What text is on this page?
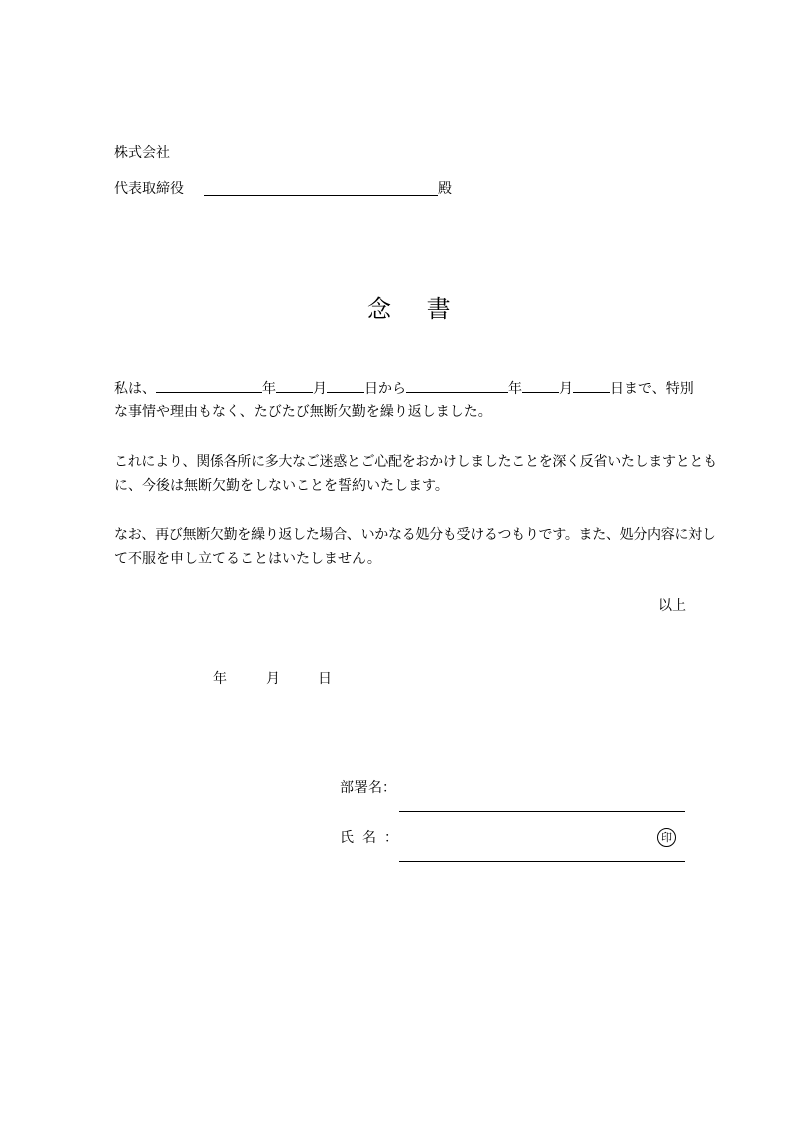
株式会社
代表取締役	殿
念 書
私は、	年	月	日から	年	月	日まで、特別
な事情や理由もなく、たびたび無断欠勤を繰り返しました。
これにより、関係各所に多大なご迷惑とご心配をおかけしましたことを深く反省いたしますととも
に、今後は無断欠勤をしないことを誓約いたします。
なお、再び無断欠勤を繰り返した場合、いかなる処分も受けるつもりです。また、処分内容に対し
て不服を申し立てることはいたしません。
以上
年	月	日
部署名：
氏 名 ：	印
